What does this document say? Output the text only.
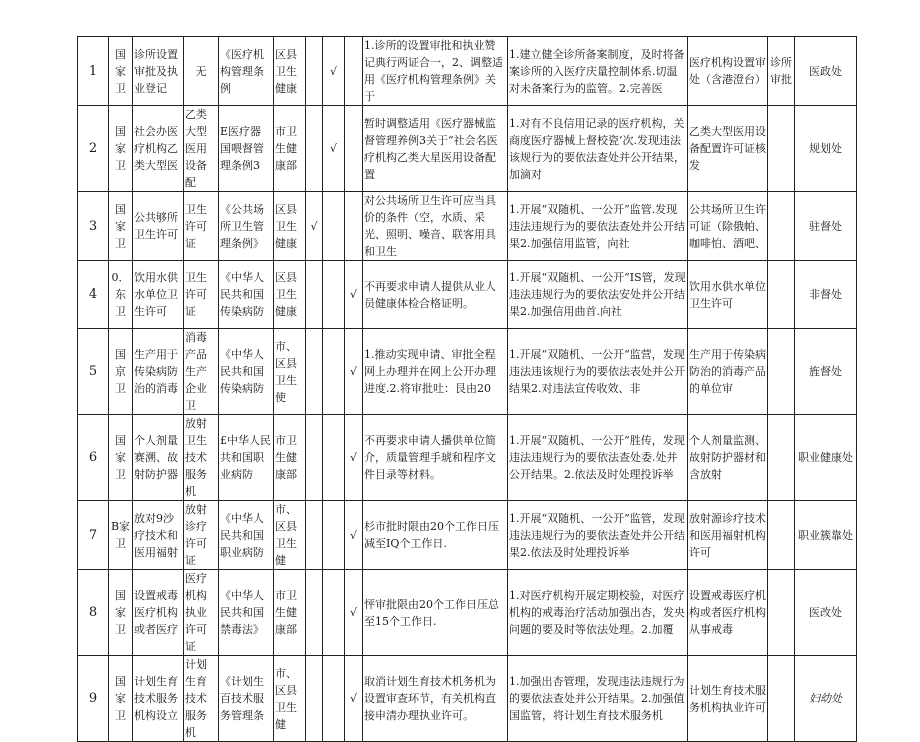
1	国家卫	诊所设置审批及执业登记	无	《医疗机构管理条例	区县卫生健康		√		1.诊所的设置审批和执业赞记典行两证合一，2、调整适用《医疗机构管理条例》关于	1.建立健全诊所备案制度，及时将备案诊所的入医疗庆量控制体系.切温对未备案行为的监管。2.完善医	医疗机构设置审处（含港澄台）	诊所审批	医政处
2	国家卫	社会办医疗机构乙类大型医	乙类大型医用设备配	E医疗器国喂督管理条例3	市卫生健康部		√		暂时调整适用《医疗器械监督管理养例3关于“社会名医疗机构乙类大星医用设备配置	1.对有不良信用记录的医疗机构，关商度医疗器械上督校瓷’次.发现违法该规行为的要依法查处并公开结果，加滴对	乙类大型医用设备配置许可证核发		规划处
3	国家卫	公共够所卫生许可	卫生许可证	《公共场所卫生管理条例》	区县卫生健康	√			对公共场所卫生许可应当具价的条件（空，水质、采光、照明、噪音、联客用具和卫生	1.开展“双随机、一公开”监管.发现违法违规行为的要依法查处并公开结果2.加强信用监管，向社	公共场所卫生许可证（除俄帕、咖啡怕、酒吧、		驻督处
4	0．东卫	饮用水供水单位卫生许可	卫生许可证	《中华人民共和国传染病防	区县卫生健康			√	不再要求申请人提供从业人员健康体检合格证明。	1.开展“双随机、一公开“IS管，发现违法违规行为的要依法安处并公开结果2.加强信用曲首.向社	饮用水供水单位卫生许可		非督处
5	国京卫	生产用于传染病防治的消毒	消毒产品生产企业卫	《中华人民共和国传染病防	市、区县卫生使			√	1.推动实现申请、审批全程网上办理并在网上公开办理进度.2.将审批吐：艮由20	1.开展“双随机、一公开“监营，发现违法违该规行为的要依法表处并公开结果2.对违法宣传收效、非	生产用于传染病防治的消毒产品的单位审		旌督处
6	国家卫	个人剂量赛溯、故射防护器	放射卫生技术服务机	£中华人民共和国职业病防	市卫生健康部			√	不再要求申请人播供单位简介，质量管理手琥和程序文件目录等材料。	1.开展“双随机、一公开“胜传，发现违法违规行为的要依法查处委.处并公开结果。2.依法及时处理投诉举	个人剂量监测、故射防护器材和含放射		职业健康处
7	B家卫	放对9沙疗技术和医用福射	放射诊疗许可证	《中华人民共和国职业病防	市、区县卫生健			√	杉市批时限由20个工作日压减至IQ个工作日.	1.开展“双随机、一公开”监管，发现违法违规行为的要依法查处并公开结果2.依法及时处理投诉举	放射源诊疗技术和医用福射机构许可		职业簇靠处
8	国家卫	设置戒毒医疗机构或者医疗	医疗机构执业许可证	《中华人民共和国禁毒法》	市卫生健康部			√	怦审批限由20个工作日压总至15个工作日.	1.对医疗机构开展定期校验，对医疗机构的戒毒治疗活动加强出杏，发央问题的要及时等依法处理。2.加覆	设置戒毒医疗机构或者医疗机构从事戒毒		医改处
9	国家卫	计划生育技术服务机构设立	计划生育技术服务机	《计划生百技术服务管理条	市、区县卫生健			√	取消计划生育技术机务机为设置审查环节，有关机构直接申清办理执业许可。	1.加强出杏管理，发现违法违规行为的要依法查处并公开结果。2.加强值国监管，将计划生育技术服务机	计划生育技术服务机构执业许可		妇幼处
